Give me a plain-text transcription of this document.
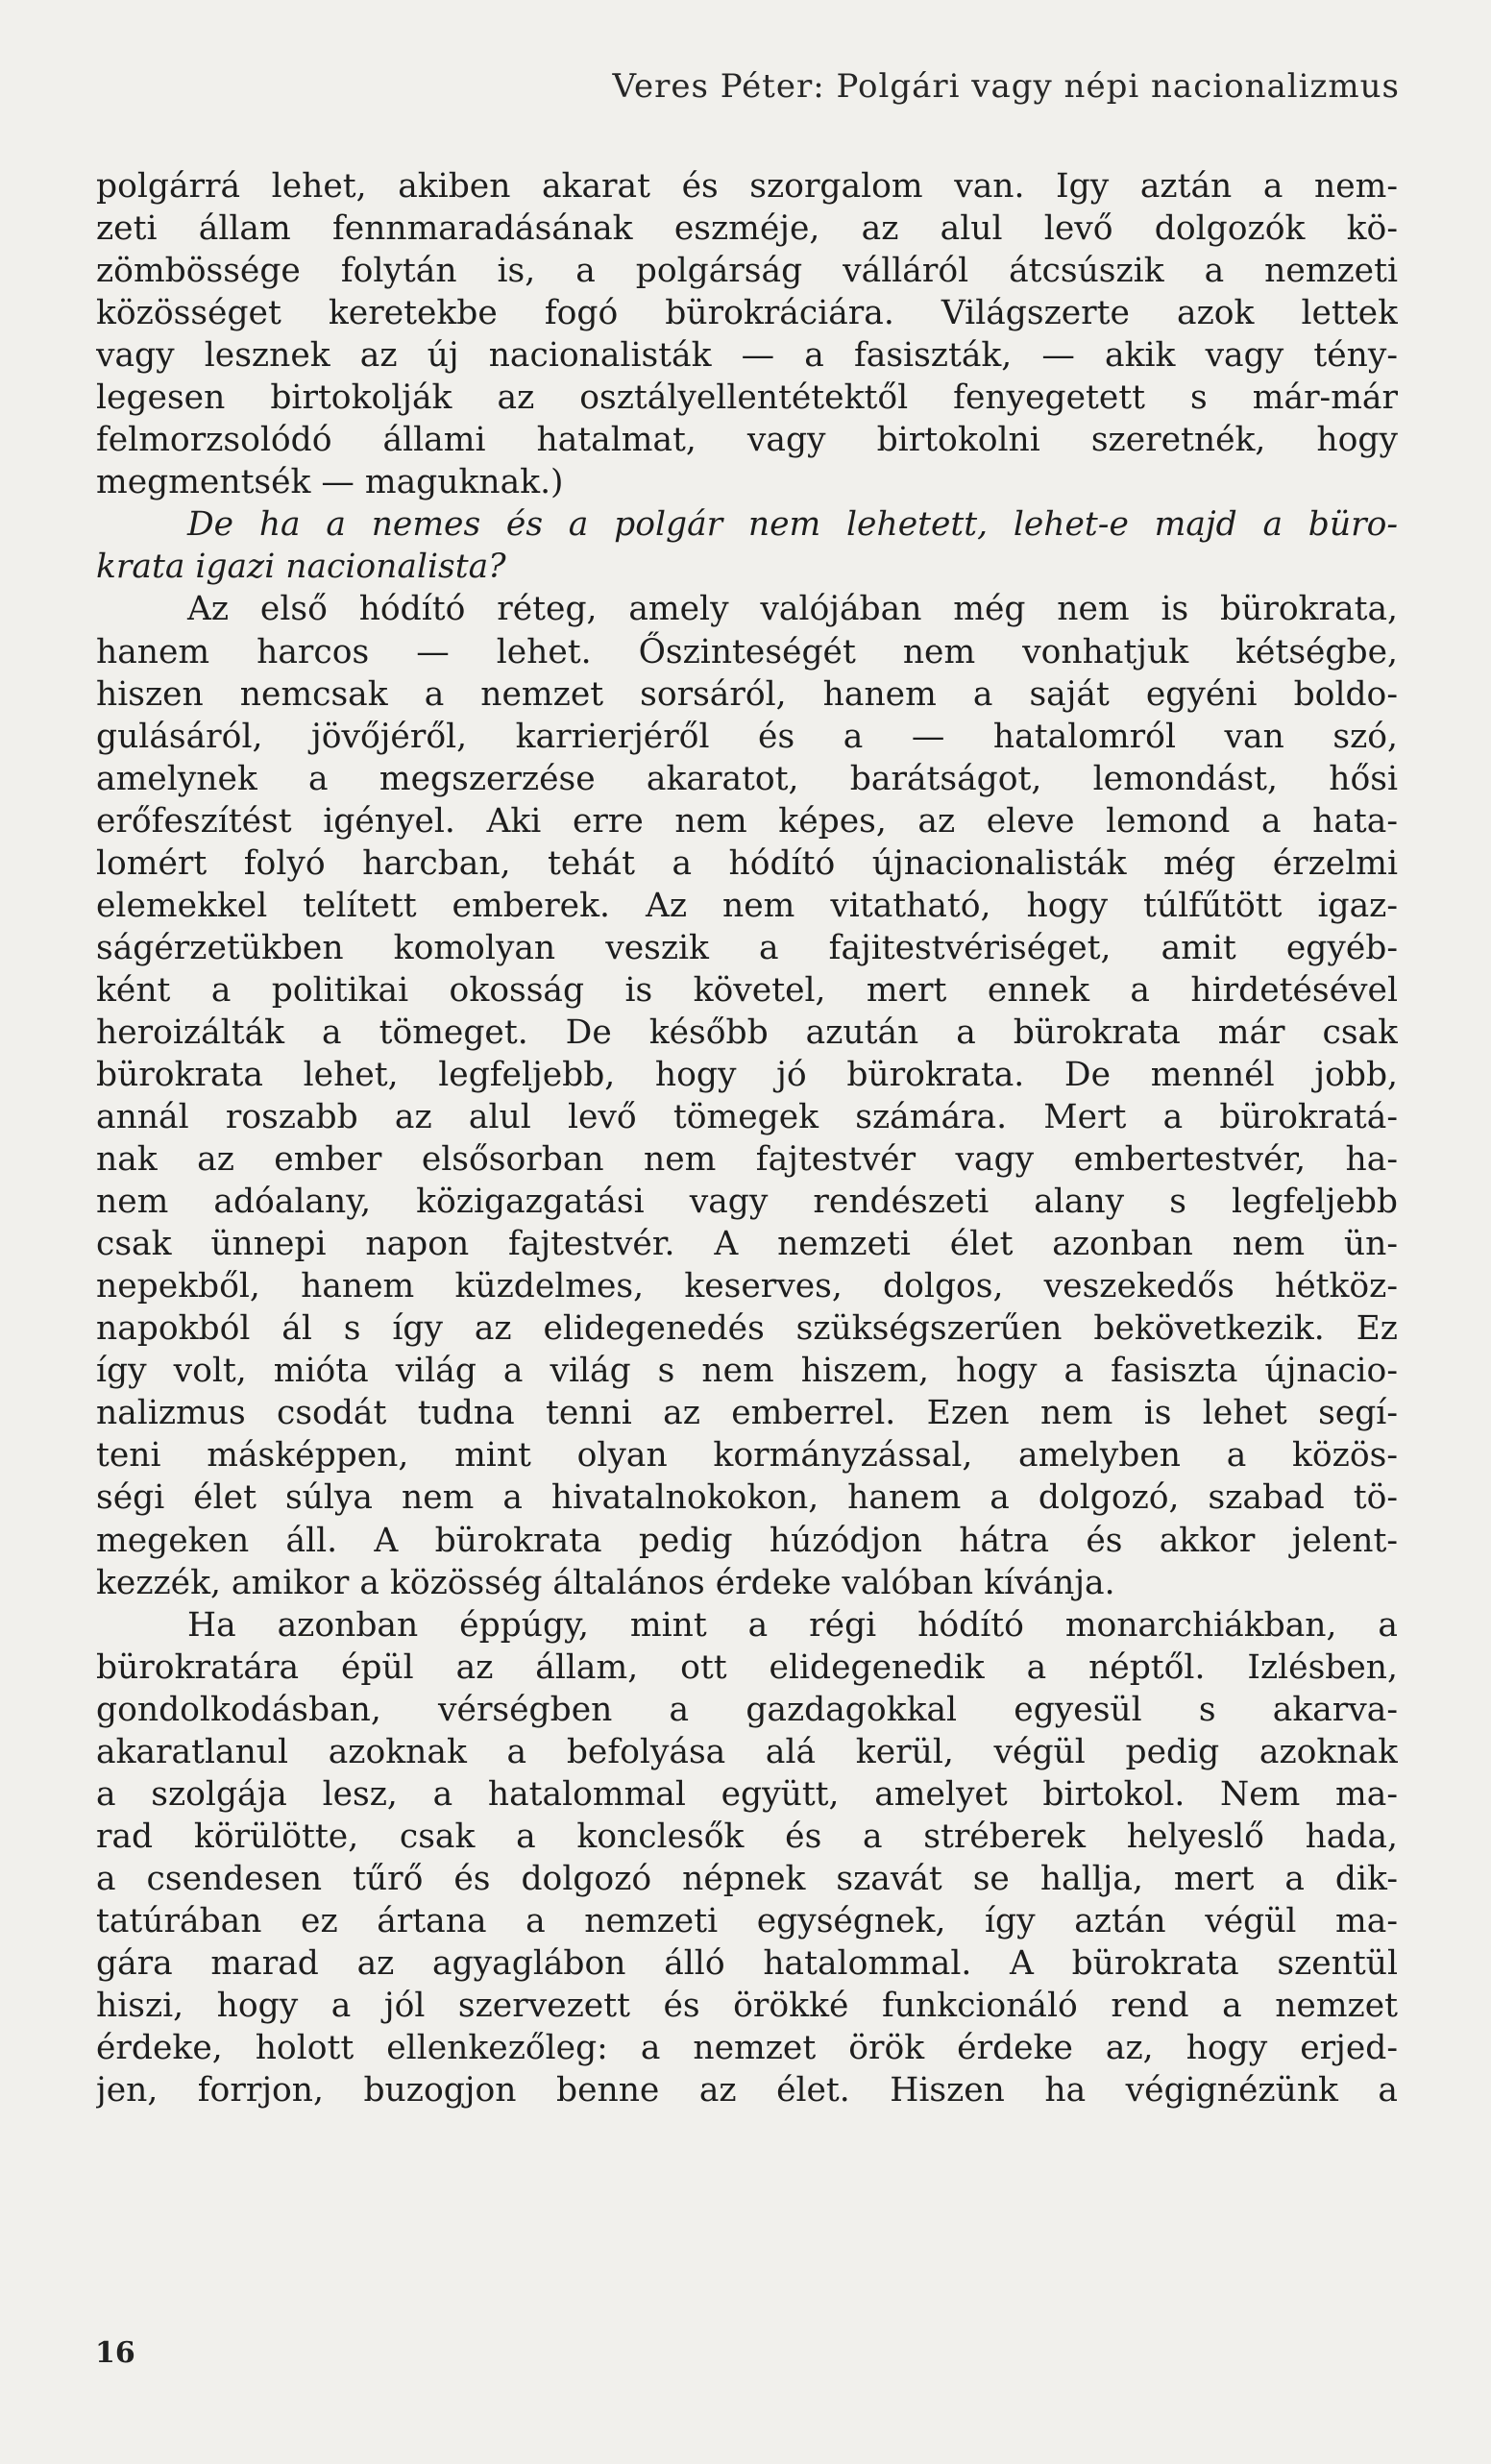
Veres Péter: Polgári vagy népi nacionalizmus
polgárrá lehet, akiben akarat és szorgalom van. Igy aztán a nem-
zeti állam fennmaradásának eszméje, az alul levő dolgozók kö-
zömbössége folytán is, a polgárság válláról átcsúszik a nemzeti
közösséget keretekbe fogó bürokráciára. Világszerte azok lettek
vagy lesznek az új nacionalisták — a fasiszták, — akik vagy tény-
legesen birtokolják az osztályellentétektől fenyegetett s már-már
felmorzsolódó állami hatalmat, vagy birtokolni szeretnék, hogy
megmentsék — maguknak.)
De ha a nemes és a polgár nem lehetett, lehet-e majd a büro-
krata igazi nacionalista?
Az első hódító réteg, amely valójában még nem is bürokrata,
hanem harcos — lehet. Őszinteségét nem vonhatjuk kétségbe,
hiszen nemcsak a nemzet sorsáról, hanem a saját egyéni boldo-
gulásáról, jövőjéről, karrierjéről és a — hatalomról van szó,
amelynek a megszerzése akaratot, barátságot, lemondást, hősi
erőfeszítést igényel. Aki erre nem képes, az eleve lemond a hata-
lomért folyó harcban, tehát a hódító újnacionalisták még érzelmi
elemekkel telített emberek. Az nem vitatható, hogy túlfűtött igaz-
ságérzetükben komolyan veszik a fajitestvériséget, amit egyéb-
ként a politikai okosság is követel, mert ennek a hirdetésével
heroizálták a tömeget. De később azután a bürokrata már csak
bürokrata lehet, legfeljebb, hogy jó bürokrata. De mennél jobb,
annál roszabb az alul levő tömegek számára. Mert a bürokratá-
nak az ember elsősorban nem fajtestvér vagy embertestvér, ha-
nem adóalany, közigazgatási vagy rendészeti alany s legfeljebb
csak ünnepi napon fajtestvér. A nemzeti élet azonban nem ün-
nepekből, hanem küzdelmes, keserves, dolgos, veszekedős hétköz-
napokból ál s így az elidegenedés szükségszerűen bekövetkezik. Ez
így volt, mióta világ a világ s nem hiszem, hogy a fasiszta újnacio-
nalizmus csodát tudna tenni az emberrel. Ezen nem is lehet segí-
teni másképpen, mint olyan kormányzással, amelyben a közös-
ségi élet súlya nem a hivatalnokokon, hanem a dolgozó, szabad tö-
megeken áll. A bürokrata pedig húzódjon hátra és akkor jelent-
kezzék, amikor a közösség általános érdeke valóban kívánja.
Ha azonban éppúgy, mint a régi hódító monarchiákban, a
bürokratára épül az állam, ott elidegenedik a néptől. Izlésben,
gondolkodásban, vérségben a gazdagokkal egyesül s akarva-
akaratlanul azoknak a befolyása alá kerül, végül pedig azoknak
a szolgája lesz, a hatalommal együtt, amelyet birtokol. Nem ma-
rad körülötte, csak a konclesők és a stréberek helyeslő hada,
a csendesen tűrő és dolgozó népnek szavát se hallja, mert a dik-
tatúrában ez ártana a nemzeti egységnek, így aztán végül ma-
gára marad az agyaglábon álló hatalommal. A bürokrata szentül
hiszi, hogy a jól szervezett és örökké funkcionáló rend a nemzet
érdeke, holott ellenkezőleg: a nemzet örök érdeke az, hogy erjed-
jen, forrjon, buzogjon benne az élet. Hiszen ha végignézünk a
16
